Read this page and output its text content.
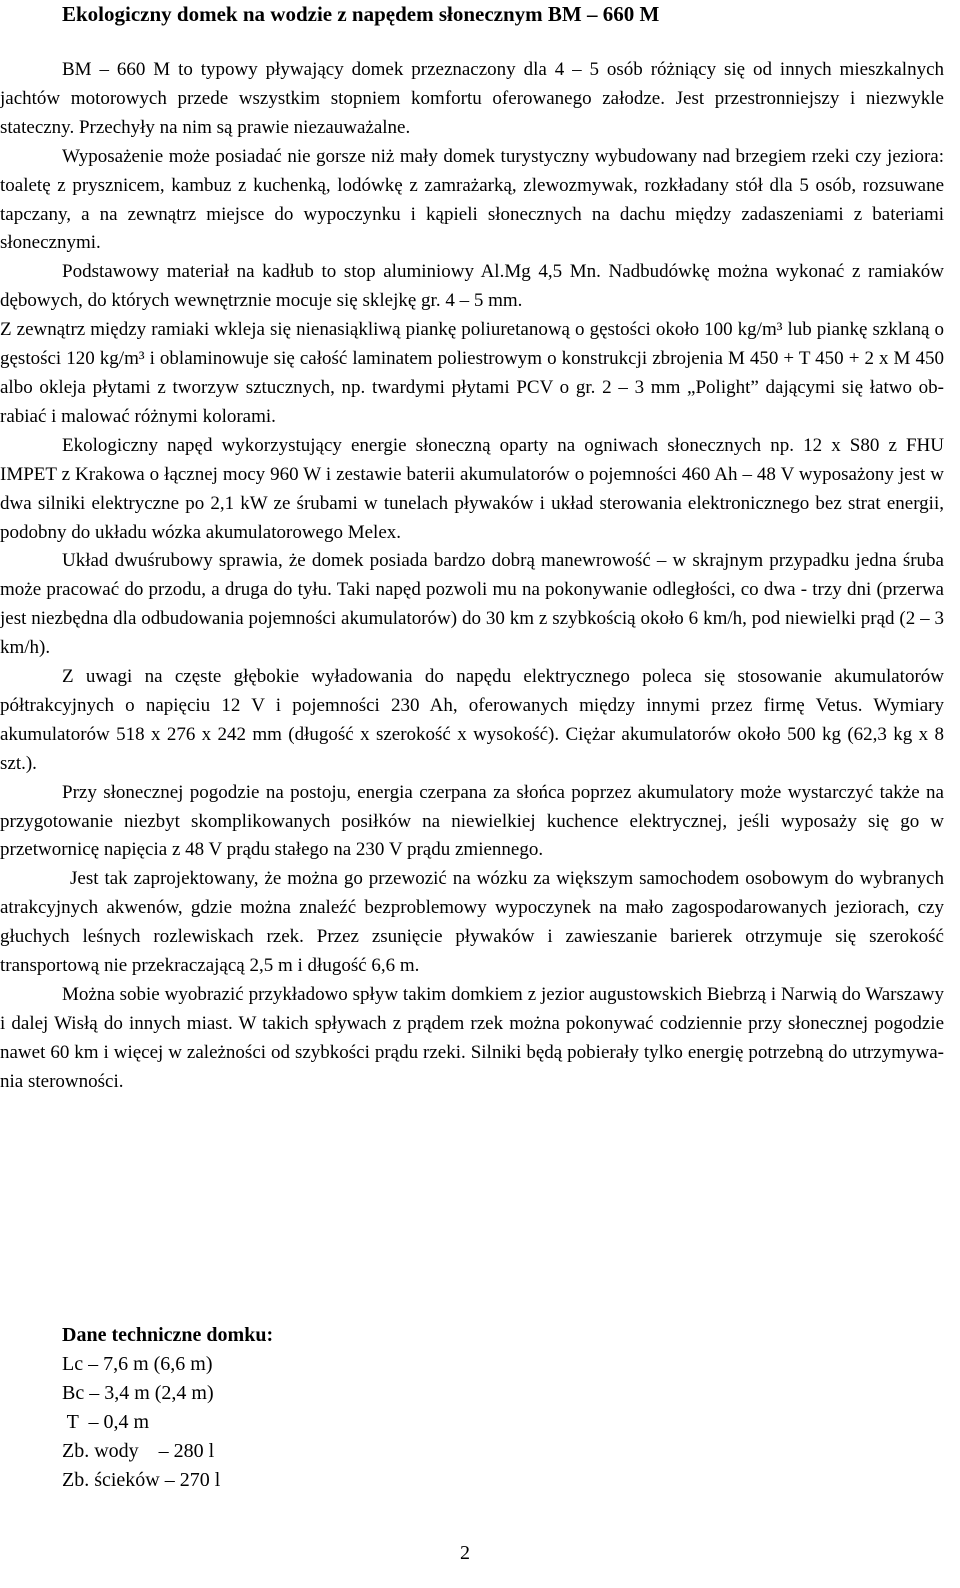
Ekologiczny domek na wodzie z napędem słonecznym BM – 660 M

BM – 660 M to typowy pływający domek przeznaczony dla 4 – 5 osób różniący się od innych mieszkalnych jachtów motorowych przede wszystkim stopniem komfortu oferowanego załodze. Jest przestronniejszy i niezwykle stateczny. Przechyły na nim są prawie niezauważalne.

Wyposażenie może posiadać nie gorsze niż mały domek turystyczny wybudowany nad brzegiem rzeki czy jeziora: toaletę z prysznicem, kambuz z kuchenką, lodówkę z zamrażarką, zlewozmywak, rozkładany stół dla 5 osób, rozsuwane tapczany, a na zewnątrz miejsce do wypoczynku i kąpieli słonecznych na dachu między zadaszeniami z bateriami słonecznymi.

Podstawowy materiał na kadłub to stop aluminiowy Al.Mg 4,5 Mn. Nadbudówkę można wykonać z ramiaków dębowych, do których wewnętrznie mocuje się sklejkę gr. 4 – 5 mm.

Z zewnątrz między ramiaki wkleja się nienasiąkliwą piankę poliuretanową o gęstości około 100 kg/m³ lub piankę szklaną o gęstości 120 kg/m³ i oblaminowuje się całość laminatem poliestrowym o konstrukcji zbrojenia M 450 + T 450 + 2 x M 450 albo okleja płytami z tworzyw sztucznych, np. twardymi płytami PCV o gr. 2 – 3 mm „Polight” dającymi się łatwo obrabiać i malować różnymi kolorami.

Ekologiczny napęd wykorzystujący energie słoneczną oparty na ogniwach słonecznych np. 12 x S80 z FHU IMPET z Krakowa o łącznej mocy 960 W i zestawie baterii akumulatorów o pojemności 460 Ah – 48 V wyposażony jest w dwa silniki elektryczne po 2,1 kW ze śrubami w tunelach pływaków i układ sterowania elektronicznego bez strat energii, podobny do układu wózka akumulatorowego Melex.

Układ dwuśrubowy sprawia, że domek posiada bardzo dobrą manewrowość – w skrajnym przypadku jedna śruba może pracować do przodu, a druga do tyłu. Taki napęd pozwoli mu na pokonywanie odległości, co dwa - trzy dni (przerwa jest niezbędna dla odbudowania pojemności akumulatorów) do 30 km z szybkością około 6 km/h, pod niewielki prąd (2 – 3 km/h).

Z uwagi na częste głębokie wyładowania do napędu elektrycznego poleca się stosowanie akumulatorów półtrakcyjnych o napięciu 12 V i pojemności 230 Ah, oferowanych między innymi przez firmę Vetus. Wymiary akumulatorów 518 x 276 x 242 mm (długość x szerokość x wysokość). Ciężar akumulatorów około 500 kg (62,3 kg x 8 szt.).

Przy słonecznej pogodzie na postoju, energia czerpana za słońca poprzez akumulatory może wystarczyć także na przygotowanie niezbyt skomplikowanych posiłków na niewielkiej kuchence elektrycznej, jeśli wyposaży się go w przetwornicę napięcia z 48 V prądu stałego na 230 V prądu zmiennego.

Jest tak zaprojektowany, że można go przewozić na wózku za większym samochodem osobowym do wybranych atrakcyjnych akwenów, gdzie można znaleźć bezproblemowy wypoczynek na mało zagospodarowanych jeziorach, czy głuchych leśnych rozlewiskach rzek. Przez zsunięcie pływaków i zawieszanie barierek otrzymuje się szerokość transportową nie przekraczającą 2,5 m i długość 6,6 m.

Można sobie wyobrazić przykładowo spływ takim domkiem z jezior augustowskich Biebrzą i Narwią do Warszawy i dalej Wisłą do innych miast. W takich spływach z prądem rzek można pokonywać codziennie przy słonecznej pogodzie nawet 60 km i więcej w zależności od szybkości prądu rzeki. Silniki będą pobierały tylko energię potrzebną do utrzymywania sterowności.

Dane techniczne domku:
Lc – 7,6 m (6,6 m)
Bc – 3,4 m (2,4 m)
T  – 0,4 m
Zb. wody    – 280 l
Zb. ścieków – 270 l
2
